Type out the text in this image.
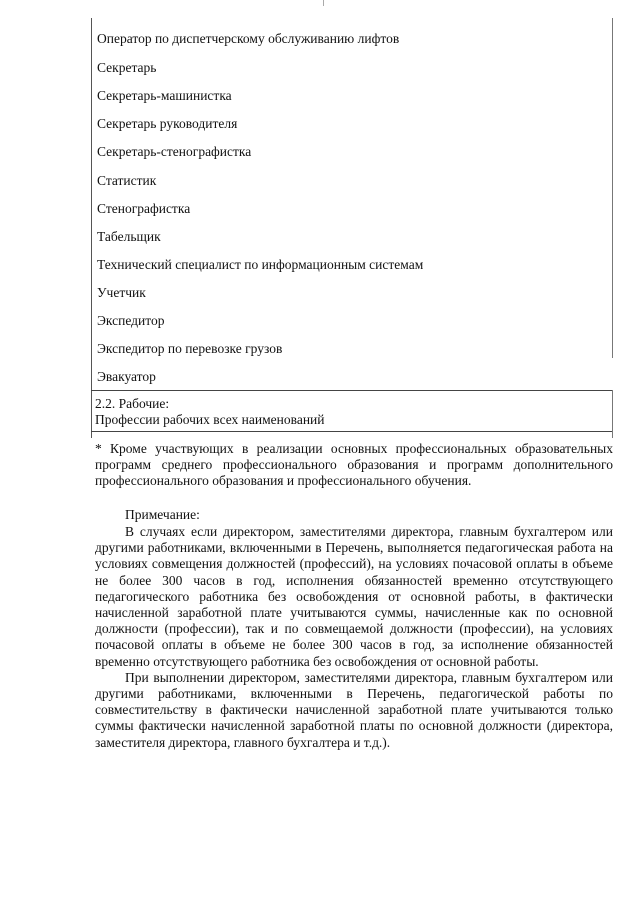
Оператор по диспетчерскому обслуживанию лифтов
Секретарь
Секретарь-машинистка
Секретарь руководителя
Секретарь-стенографистка
Статистик
Стенографистка
Табельщик
Технический специалист по информационным системам
Учетчик
Экспедитор
Экспедитор по перевозке грузов
Эвакуатор
2.2. Рабочие:
Профессии рабочих всех наименований

* Кроме участвующих в реализации основных профессиональных образовательных программ среднего профессионального образования и программ дополнительного профессионального образования и профессионального обучения.

Примечание:

В случаях если директором, заместителями директора, главным бухгалтером или другими работниками, включенными в Перечень, выполняется педагогическая работа на условиях совмещения должностей (профессий), на условиях почасовой оплаты в объеме не более 300 часов в год, исполнения обязанностей временно отсутствующего педагогического работника без освобождения от основной работы, в фактически начисленной заработной плате учитываются суммы, начисленные как по основной должности (профессии), так и по совмещаемой должности (профессии), на условиях почасовой оплаты в объеме не более 300 часов в год, за исполнение обязанностей временно отсутствующего работника без освобождения от основной работы.

При выполнении директором, заместителями директора, главным бухгалтером или другими работниками, включенными в Перечень, педагогической работы по совместительству в фактически начисленной заработной плате учитываются только суммы фактически начисленной заработной платы по основной должности (директора, заместителя директора, главного бухгалтера и т.д.).
